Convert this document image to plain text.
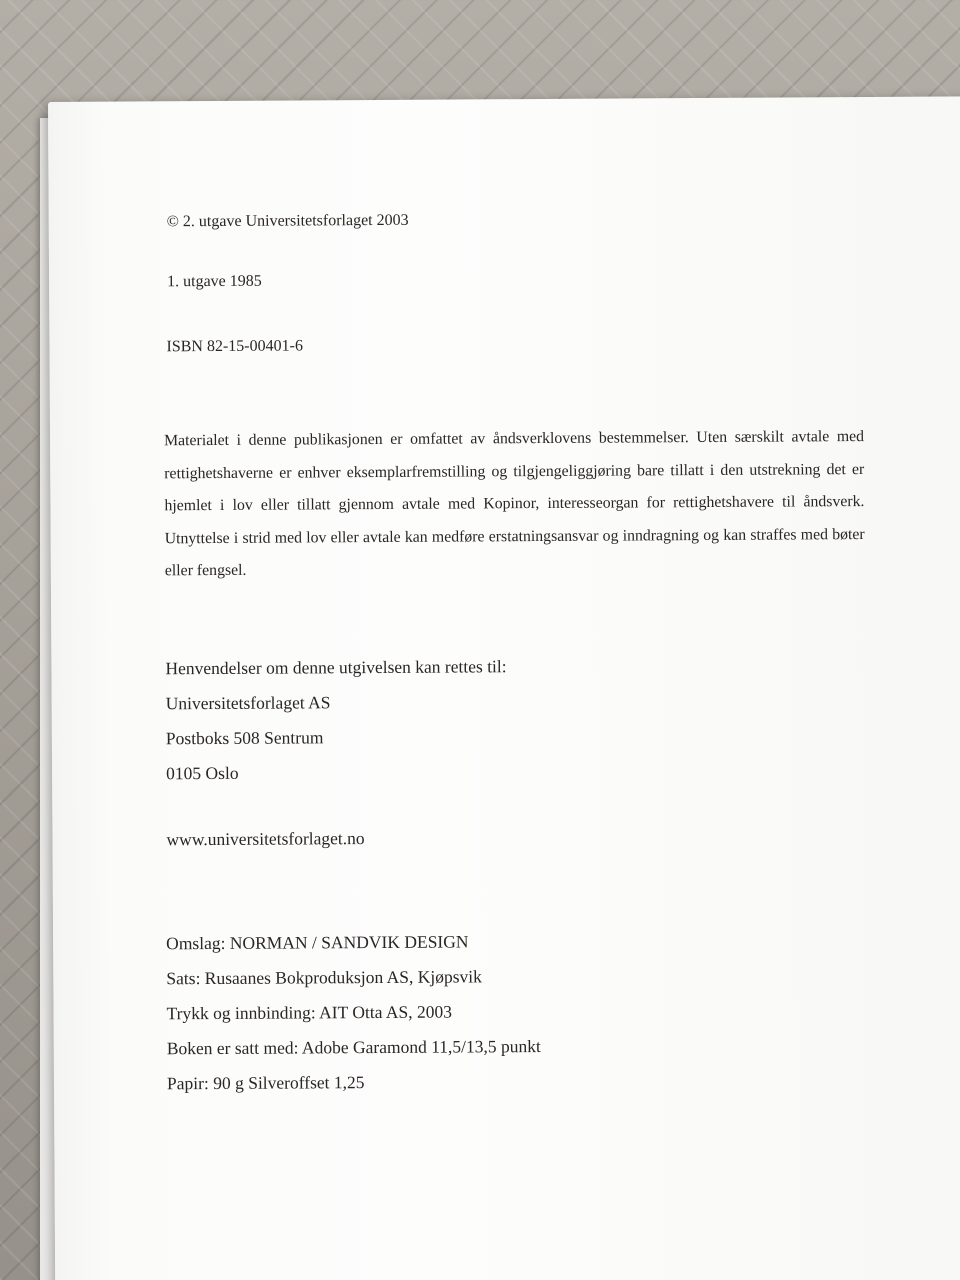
© 2. utgave Universitetsforlaget 2003
1. utgave 1985
ISBN 82-15-00401-6

Materialet i denne publikasjonen er omfattet av åndsverklovens bestemmelser. Uten særskilt avtale med rettighetshaverne er enhver eksemplarfremstilling og tilgjengeliggjøring bare tillatt i den utstrekning det er hjemlet i lov eller tillatt gjennom avtale med Kopinor, interesseorgan for rettighetshavere til åndsverk. Utnyttelse i strid med lov eller avtale kan medføre erstatningsansvar og inndragning og kan straffes med bøter eller fengsel.

Henvendelser om denne utgivelsen kan rettes til:
Universitetsforlaget AS
Postboks 508 Sentrum
0105 Oslo
www.universitetsforlaget.no
Omslag: NORMAN / SANDVIK DESIGN
Sats: Rusaanes Bokproduksjon AS, Kjøpsvik
Trykk og innbinding: AIT Otta AS, 2003
Boken er satt med: Adobe Garamond 11,5/13,5 punkt
Papir: 90 g Silveroffset 1,25
